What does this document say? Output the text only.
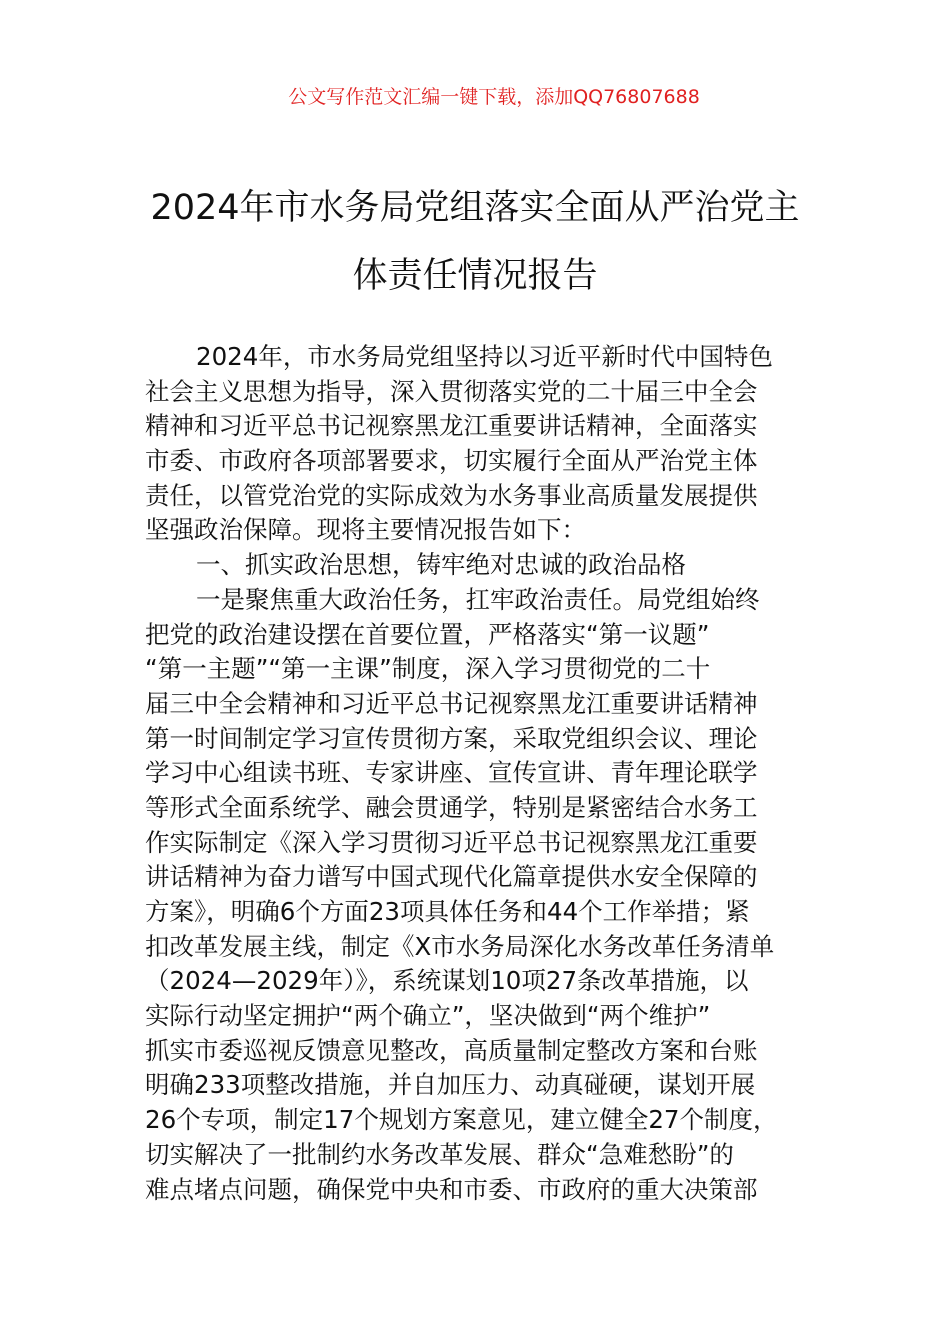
公文写作范文汇编一键下载，添加QQ76807688
2024年市水务局党组落实全面从严治党主
体责任情况报告
2024年，市水务局党组坚持以习近平新时代中国特色
社会主义思想为指导，深入贯彻落实党的二十届三中全会
精神和习近平总书记视察黑龙江重要讲话精神，全面落实
市委、市政府各项部署要求，切实履行全面从严治党主体
责任，以管党治党的实际成效为水务事业高质量发展提供
坚强政治保障。现将主要情况报告如下：
一、抓实政治思想，铸牢绝对忠诚的政治品格
一是聚焦重大政治任务，扛牢政治责任。局党组始终
把党的政治建设摆在首要位置，严格落实“第一议题”
“第一主题”“第一主课”制度，深入学习贯彻党的二十
届三中全会精神和习近平总书记视察黑龙江重要讲话精神
第一时间制定学习宣传贯彻方案，采取党组织会议、理论
学习中心组读书班、专家讲座、宣传宣讲、青年理论联学
等形式全面系统学、融会贯通学，特别是紧密结合水务工
作实际制定《深入学习贯彻习近平总书记视察黑龙江重要
讲话精神为奋力谱写中国式现代化篇章提供水安全保障的
方案》，明确6个方面23项具体任务和44个工作举措；紧
扣改革发展主线，制定《X市水务局深化水务改革任务清单
（2024—2029年）》，系统谋划10项27条改革措施，以
实际行动坚定拥护“两个确立”，坚决做到“两个维护”
抓实市委巡视反馈意见整改，高质量制定整改方案和台账
明确233项整改措施，并自加压力、动真碰硬，谋划开展
26个专项，制定17个规划方案意见，建立健全27个制度，
切实解决了一批制约水务改革发展、群众“急难愁盼”的
难点堵点问题，确保党中央和市委、市政府的重大决策部
